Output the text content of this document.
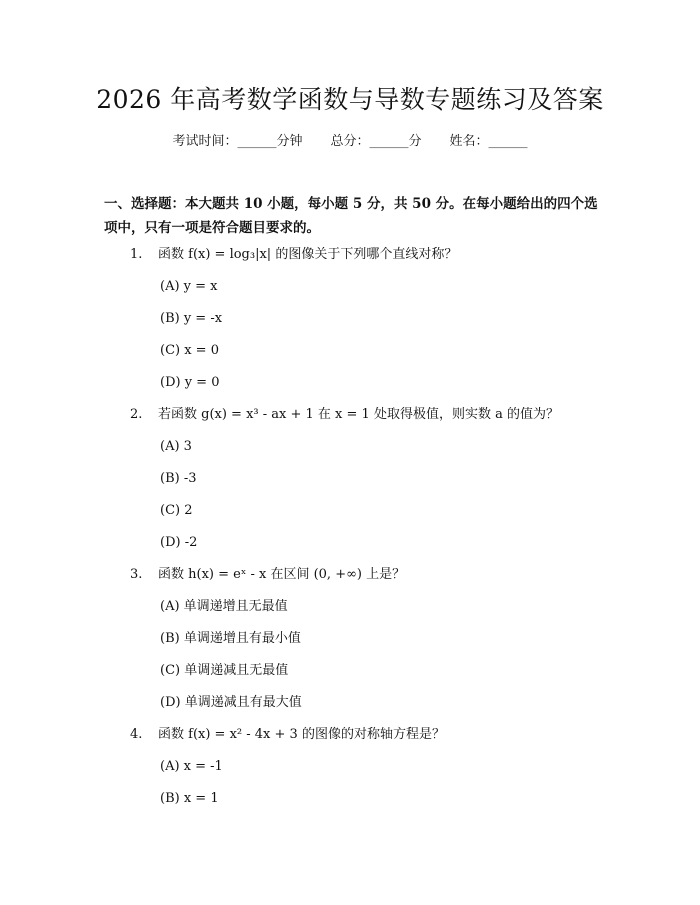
2026 年高考数学函数与导数专题练习及答案
考试时间：______分钟 总分：______分 姓名：______
一、选择题：本大题共 10 小题，每小题 5 分，共 50 分。在每小题给出的四个选项中，只有一项是符合题目要求的。
1. 函数 f(x) = log₃|x| 的图像关于下列哪个直线对称？
(A) y = x
(B) y = -x
(C) x = 0
(D) y = 0
2. 若函数 g(x) = x³ - ax + 1 在 x = 1 处取得极值，则实数 a 的值为？
(A) 3
(B) -3
(C) 2
(D) -2
3. 函数 h(x) = eˣ - x 在区间 (0, +∞) 上是？
(A) 单调递增且无最值
(B) 单调递增且有最小值
(C) 单调递减且无最值
(D) 单调递减且有最大值
4. 函数 f(x) = x² - 4x + 3 的图像的对称轴方程是？
(A) x = -1
(B) x = 1
